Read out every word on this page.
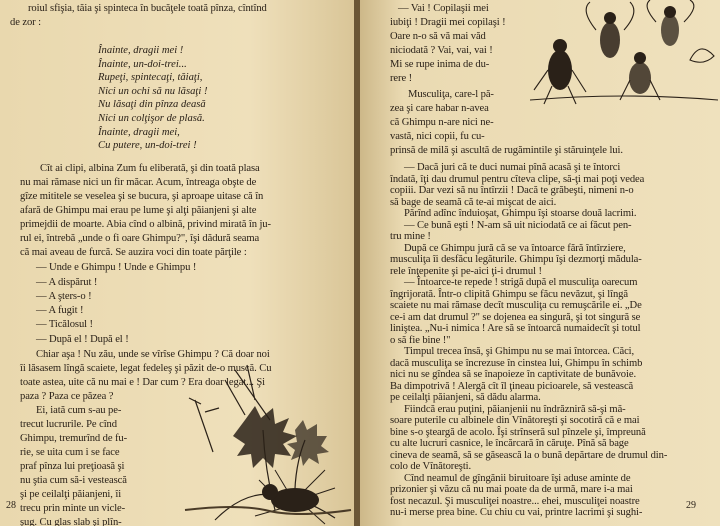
roiul sfişia, tăia şi spinteca în bucăţele toată pînza, cîntînd
de zor :
Înainte, dragii mei !
Înainte, un-doi-trei...
Rupeţi, spintecaţi, tăiaţi,
Nici un ochi să nu lăsaţi !
Nu lăsaţi din pînza deasă
Nici un colţişor de plasă.
Înainte, dragii mei,
Cu putere, un-doi-trei !
Cît ai clipi, albina Zum fu eliberată, şi din toată plasa
nu mai rămase nici un fir măcar. Acum, întreaga obşte de
gîze mititele se veselea şi se bucura, şi aproape uitase că în
afară de Ghimpu mai erau pe lume şi alţi păianjeni şi alte
primejdii de moarte. Abia cînd o albină, privind mirată în ju-
rul ei, întrebă „unde o fi oare Ghimpu?", îşi dădură seama
că mai aveau de furcă. Se auzira voci din toate părţile :
— Unde e Ghimpu ! Unde e Ghimpu !
— A dispărut !
— A şters-o !
— A fugit !
— Ticălosul !
— După el ! După el !
Chiar aşa ! Nu zău, unde se vîrîse Ghimpu ? Că doar noi
îi lăsasem lîngă scaiete, legat fedeleş şi păzit de-o muscă. Cu
toate astea, uite că nu mai e ! Dar cum ? Era doar legat... Şi
paza ? Paza ce păzea ?
Ei, iată cum s-au pe-
trecut lucrurile. Pe cînd
Ghimpu, tremurînd de fu-
rie, se uita cum i se face
praf pînza lui preţioasă şi
nu ştia cum să-i vestească
şi pe ceilalţi păianjeni, îi
trecu prin minte un vicle-
şug. Cu glas slab şi plîn-
28
— Vai ! Copilaşii mei
iubiţi ! Dragii mei copilaşi !
Oare n-o să vă mai văd
niciodată ? Vai, vai, vai !
Mi se rupe inima de du-
rere !
Musculiţa, care-l pă-
zea şi care habar n-avea
că Ghimpu n-are nici ne-
vastă, nici copii, fu cu-
prinsă de milă şi ascultă de rugămintile şi stăruinţele lui.
— Dacă juri că te duci numai pînă acasă şi te întorci
îndată, îţi dau drumul pentru cîteva clipe, să-ţi mai poţi vedea
copiii. Dar vezi să nu întîrzii ! Dacă te grăbeşti, nimeni n-o
să bage de seamă că te-ai mişcat de aici.
Părînd adînc înduioşat, Ghimpu îşi stoarse două lacrimi.
— Ce bună eşti ! N-am să uit niciodată ce ai făcut pen-
tru mine !
După ce Ghimpu jură că se va întoarce fără întîrziere,
musculiţa îi desfăcu legăturile. Ghimpu îşi dezmorţi mădula-
rele înţepenite şi pe-aici ţi-i drumul !
— Întoarce-te repede ! strigă după el musculiţa oarecum
îngrijorată. Într-o clipită Ghimpu se făcu nevăzut, şi lîngă
scaiete nu mai rămase decît musculiţa cu remuşcările ei. „De
ce-i am dat drumul ?" se dojenea ea singură, şi tot singură se
liniştea. „Nu-i nimica ! Are să se întoarcă numaidecît şi totul
o să fie bine !"
Timpul trecea însă, şi Ghimpu nu se mai întorcea. Căci,
dacă musculiţa se încrezuse în cinstea lui, Ghimpu în schimb
nici nu se gîndea să se înapoieze în captivitate de bunăvoie.
Ba dimpotrivă ! Alergă cît îl ţineau picioarele, să vestească
pe ceilalţi păianjeni, să dădu alarma.
Fiindcă erau puţini, păianjenii nu îndrăzniră să-şi mă-
soare puterile cu albinele din Vînătoreşti şi socotiră că e mai
bine s-o şteargă de acolo. Îşi strînseră sul pînzele şi, împreună
cu alte lucruri casnice, le încărcară în căruţe. Pînă să bage
cineva de seamă, să se găsească la o bună depărtare de drumul din-
colo de Vînătoreşti.
Cînd neamul de gîngănii biruitoare îşi aduse aminte de
prizonier şi văzu că nu mai poate da de urmă, mare i-a mai
fost necazul. Şi musculiţei noastre... ehei, musculiţei noastre
nu-i merse prea bine. Cu chiu cu vai, printre lacrimi şi sughi-
29
